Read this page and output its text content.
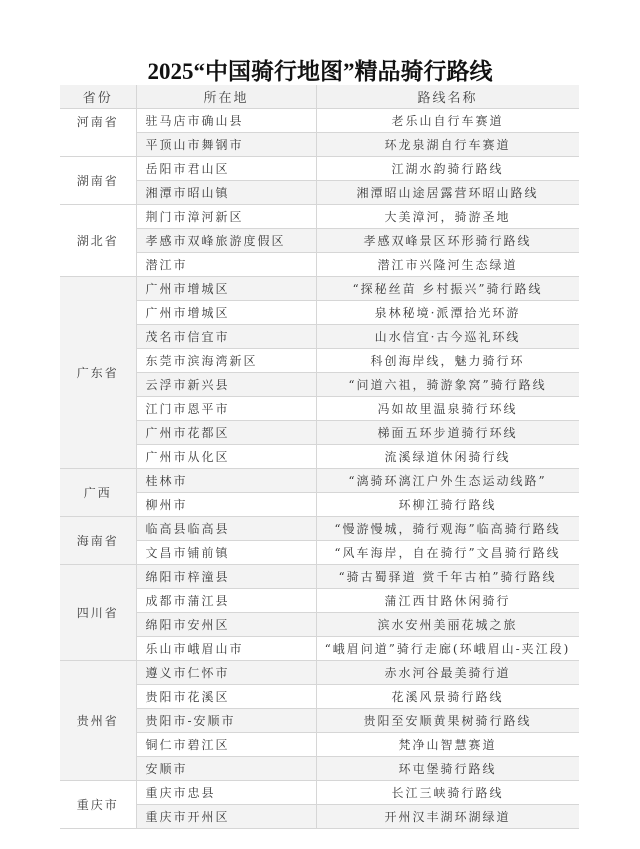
2025“中国骑行地图”精品骑行路线
省份	所在地	路线名称
河南省	驻马店市确山县	老乐山自行车赛道
	平顶山市舞钢市	环龙泉湖自行车赛道
湖南省	岳阳市君山区	江湖水韵骑行路线
	湘潭市昭山镇	湘潭昭山途居露营环昭山路线
湖北省	荆门市漳河新区	大美漳河，骑游圣地
	孝感市双峰旅游度假区	孝感双峰景区环形骑行路线
	潜江市	潜江市兴隆河生态绿道
广东省	广州市增城区	“探秘丝苗 乡村振兴”骑行路线
	广州市增城区	泉林秘境·派潭拾光环游
	茂名市信宜市	山水信宜·古今巡礼环线
	东莞市滨海湾新区	科创海岸线，魅力骑行环
	云浮市新兴县	“问道六祖，骑游象窝”骑行路线
	江门市恩平市	冯如故里温泉骑行环线
	广州市花都区	梯面五环步道骑行环线
	广州市从化区	流溪绿道休闲骑行线
广西	桂林市	“漓骑环漓江户外生态运动线路”
	柳州市	环柳江骑行路线
海南省	临高县临高县	“慢游慢城，骑行观海”临高骑行路线
	文昌市铺前镇	“风车海岸，自在骑行”文昌骑行路线
四川省	绵阳市梓潼县	“骑古蜀驿道 赏千年古柏”骑行路线
	成都市蒲江县	蒲江西甘路休闲骑行
	绵阳市安州区	滨水安州美丽花城之旅
	乐山市峨眉山市	“峨眉问道”骑行走廊(环峨眉山-夹江段)
贵州省	遵义市仁怀市	赤水河谷最美骑行道
	贵阳市花溪区	花溪风景骑行路线
	贵阳市-安顺市	贵阳至安顺黄果树骑行路线
	铜仁市碧江区	梵净山智慧赛道
	安顺市	环屯堡骑行路线
重庆市	重庆市忠县	长江三峡骑行路线
	重庆市开州区	开州汉丰湖环湖绿道
